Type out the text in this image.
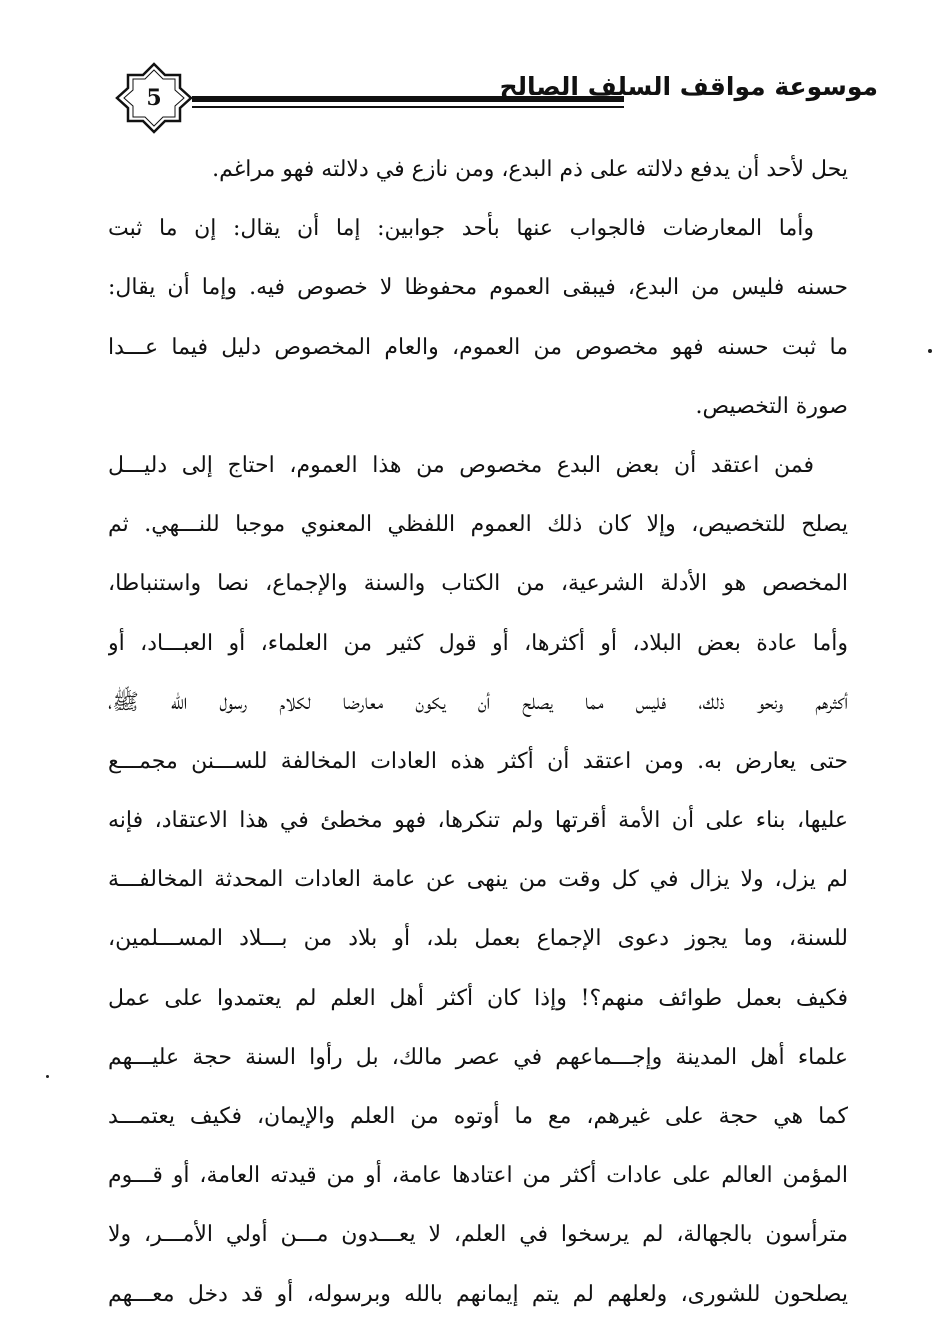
5	موسوعة مواقف السلف الصالح
يحل لأحد أن يدفع دلالته على ذم البدع، ومن نازع في دلالته فهو مراغم.
وأما المعارضات فالجواب عنها بأحد جوابين: إما أن يقال: إن ما ثبت
حسنه فليس من البدع، فيبقى العموم محفوظا لا خصوص فيه. وإما أن يقال:
ما ثبت حسنه فهو مخصوص من العموم، والعام المخصوص دليل فيما عـــدا
صورة التخصيص.
فمن اعتقد أن بعض البدع مخصوص من هذا العموم، احتاج إلى دليـــل
يصلح للتخصيص، وإلا كان ذلك العموم اللفظي المعنوي موجبا للنـــهي. ثم
المخصص هو الأدلة الشرعية، من الكتاب والسنة والإجماع، نصا واستنباطا،
وأما عادة بعض البلاد، أو أكثرها، أو قول كثير من العلماء، أو العبـــاد، أو
أكثرهم ونحو ذلك، فليس مما يصلح أن يكون معارضا لكلام رسول الله ﷺ،
حتى يعارض به. ومن اعتقد أن أكثر هذه العادات المخالفة للســـنن مجمـــع
عليها، بناء على أن الأمة أقرتها ولم تنكرها، فهو مخطئ في هذا الاعتقاد، فإنه
لم يزل، ولا يزال في كل وقت من ينهى عن عامة العادات المحدثة المخالفـــة
للسنة، وما يجوز دعوى الإجماع بعمل بلد، أو بلاد من بـــلاد المســـلمين،
فكيف بعمل طوائف منهم؟! وإذا كان أكثر أهل العلم لم يعتمدوا على عمل
علماء أهل المدينة وإجـــماعهم في عصر مالك، بل رأوا السنة حجة عليـــهم
كما هي حجة على غيرهم، مع ما أوتوه من العلم والإيمان، فكيف يعتمـــد
المؤمن العالم على عادات أكثر من اعتادها عامة، أو من قيدته العامة، أو قـــوم
مترأسون بالجهالة، لم يرسخوا في العلم، لا يعـــدون مـــن أولي الأمـــر، ولا
يصلحون للشورى، ولعلهم لم يتم إيمانهم بالله وبرسوله، أو قد دخل معـــهم
